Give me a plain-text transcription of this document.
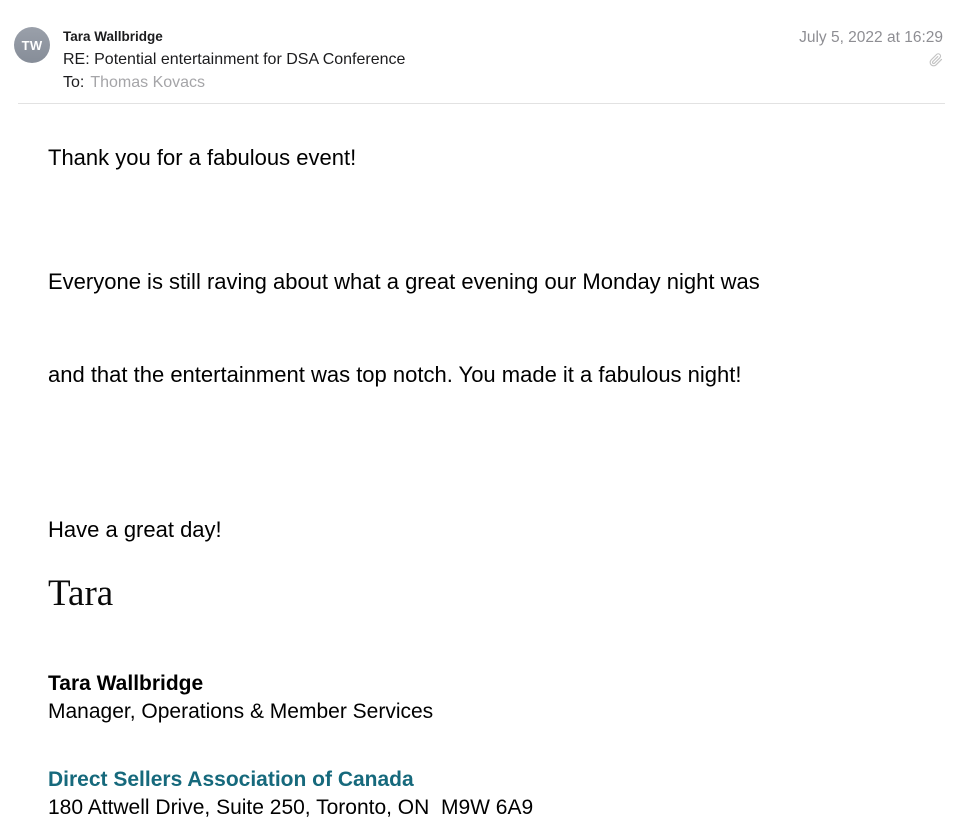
TW
Tara Wallbridge
RE: Potential entertainment for DSA Conference
To: Thomas Kovacs
July 5, 2022 at 16:29

Thank you for a fabulous event!

Everyone is still raving about what a great evening our Monday night was

and that the entertainment was top notch. You made it a fabulous night!

Have a great day!

Tara
Tara Wallbridge
Manager, Operations & Member Services
Direct Sellers Association of Canada
180 Attwell Drive, Suite 250, Toronto, ON  M9W 6A9
